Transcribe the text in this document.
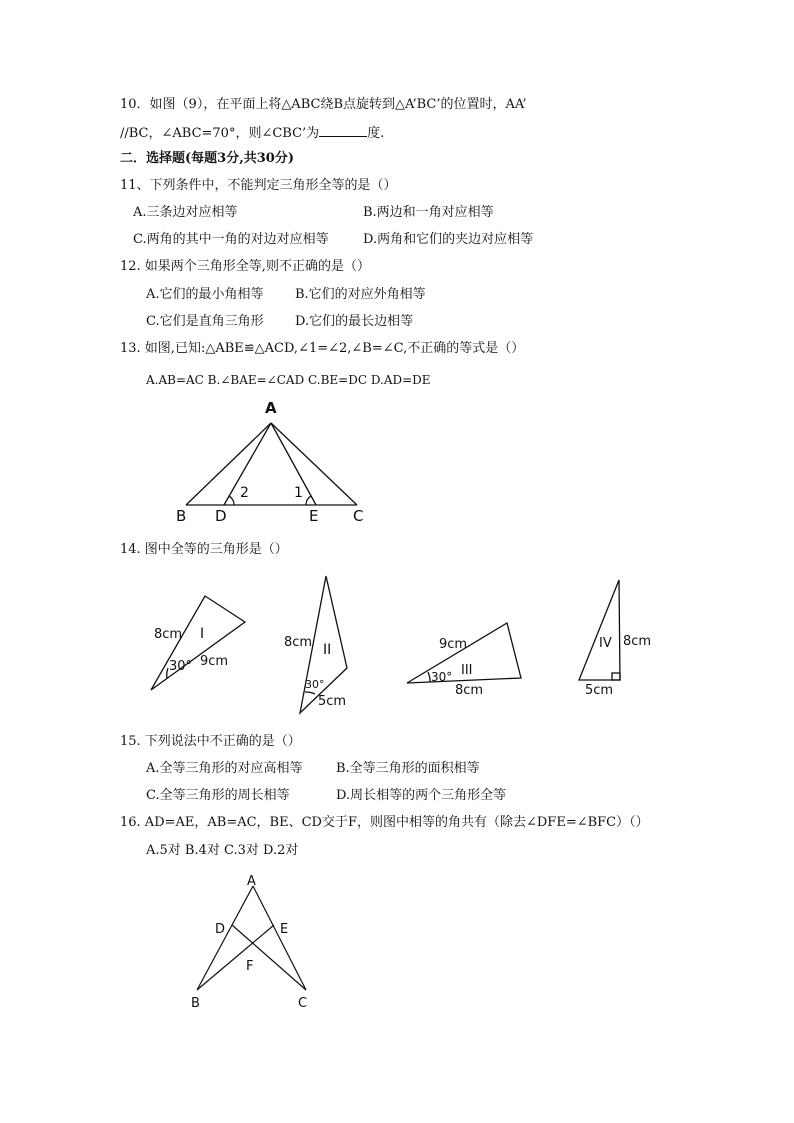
10．如图（9），在平面上将△ABC绕B点旋转到△A’BC’的位置时，AA’
//BC，∠ABC=70°，则∠CBC’为	度.
二．选择题(每题3分,共30分)
11、下列条件中，不能判定三角形全等的是（）
A.三条边对应相等	B.两边和一角对应相等
C.两角的其中一角的对边对应相等	D.两角和它们的夹边对应相等
12. 如果两个三角形全等,则不正确的是（）
A.它们的最小角相等 B.它们的对应外角相等
C.它们是直角三角形 D.它们的最长边相等
13. 如图,已知:△ABE≌△ACD,∠1=∠2,∠B=∠C,不正确的等式是（）
A.AB=AC B.∠BAE=∠CAD C.BE=DC D.AD=DE
A
B D	E C
2	1
14. 图中全等的三角形是（）
8cm I
30° 9cm
8cm II
30°
5cm
9cm
III
30°
8cm
IV 8cm
5cm
15. 下列说法中不正确的是（）
A.全等三角形的对应高相等	B.全等三角形的面积相等
C.全等三角形的周长相等	D.周长相等的两个三角形全等
16. AD=AE，AB=AC，BE、CD交于F，则图中相等的角共有（除去∠DFE=∠BFC）（）
A.5对 B.4对 C.3对 D.2对
A
D	E
F
B	C
